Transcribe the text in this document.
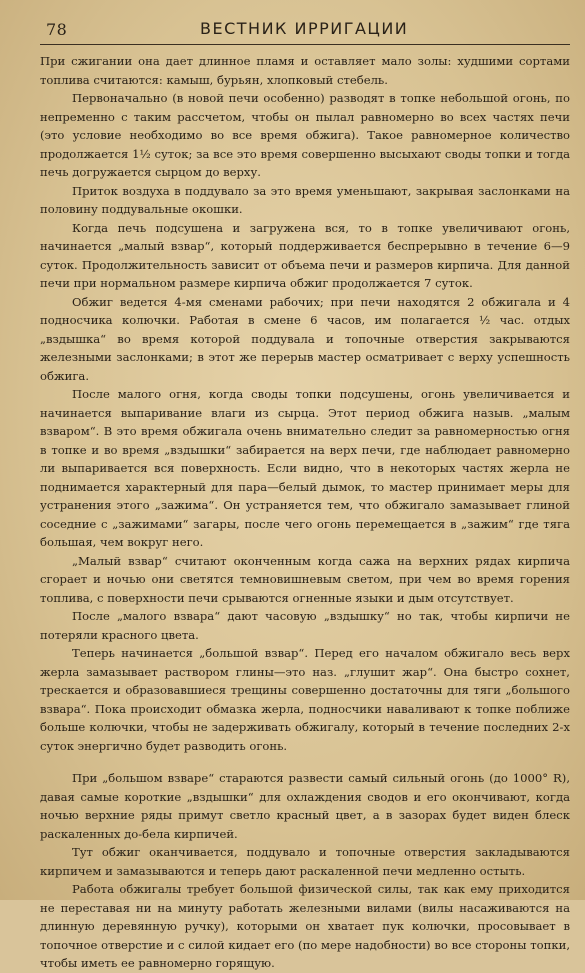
78	ВЕСТНИК ИРРИГАЦИИ

При сжигании она дает длинное пламя и оставляет мало золы: худшими сортами топлива считаются: камыш, бурьян, хлопковый стебель.

Первоначально (в новой печи особенно) разводят в топке небольшой огонь, по непременно с таким рассчетом, чтобы он пылал равномерно во всех частях печи (это условие необходимо во все время обжига). Такое равномерное количество продолжается 1½ суток; за все это время совершенно высыхают своды топки и тогда печь догружается сырцом до верху.

Приток воздуха в поддувало за это время уменьшают, закрывая заслонками на половину поддувальные окошки.

Когда печь подсушена и загружена вся, то в топке увеличивают огонь, начинается „малый взвар“, который поддерживается беспрерывно в течение 6—9 суток. Продолжительность зависит от объема печи и размеров кирпича. Для данной печи при нормальном размере кирпича обжиг продолжается 7 суток.

Обжиг ведется 4-мя сменами рабочих; при печи находятся 2 обжигала и 4 подносчика колючки. Работая в смене 6 часов, им полагается ½ час. отдых „вздышка“ во время которой поддувала и топочные отверстия закрываются железными заслонками; в этот же перерыв мастер осматривает с верху успешность обжига.

После малого огня, когда своды топки подсушены, огонь увеличивается и начинается выпаривание влаги из сырца. Этот период обжига назыв. „малым взваром“. В это время обжигала очень внимательно следит за равномерностью огня в топке и во время „вздышки“ забирается на верх печи, где наблюдает равномерно ли выпаривается вся поверхность. Если видно, что в некоторых частях жерла не поднимается характерный для пара—белый дымок, то мастер принимает меры для устранения этого „зажима“. Он устраняется тем, что обжигало замазывает глиной соседние с „зажимами“ загары, после чего огонь перемещается в „зажим“ где тяга большая, чем вокруг него.

„Малый взвар“ считают оконченным когда сажа на верхних рядах кирпича сгорает и ночью они светятся темновишневым светом, при чем во время горения топлива, с поверхности печи срываются огненные языки и дым отсутствует.

После „малого взвара“ дают часовую „вздышку“ но так, чтобы кирпичи не потеряли красного цвета.

Теперь начинается „большой взвар“. Перед его началом обжигало весь верх жерла замазывает раствором глины—это наз. „глушит жар“. Она быстро сохнет, трескается и образовавшиеся трещины совершенно достаточны для тяги „большого взвара“. Пока происходит обмазка жерла, подносчики наваливают к топке поближе больше колючки, чтобы не задерживать обжигалу, который в течение последних 2-х суток энергично будет разводить огонь.

При „большом взваре“ стараются развести самый сильный огонь (до 1000° R), давая самые короткие „вздышки“ для охлаждения сводов и его окончивают, когда ночью верхние ряды примут светло красный цвет, а в зазорах будет виден блеск раскаленных до-бела кирпичей.

Тут обжиг оканчивается, поддувало и топочные отверстия закладываются кирпичем и замазываются и теперь дают раскаленной печи медленно остыть.

Работа обжигалы требует большой физической силы, так как ему приходится не переставая ни на минуту работать железными вилами (вилы насаживаются на длинную деревянную ручку), которыми он хватает пук колючки, просовывает в топочное отверстие и с силой кидает его (по мере надобности) во все стороны топки, чтобы иметь ее равномерно горящую.
